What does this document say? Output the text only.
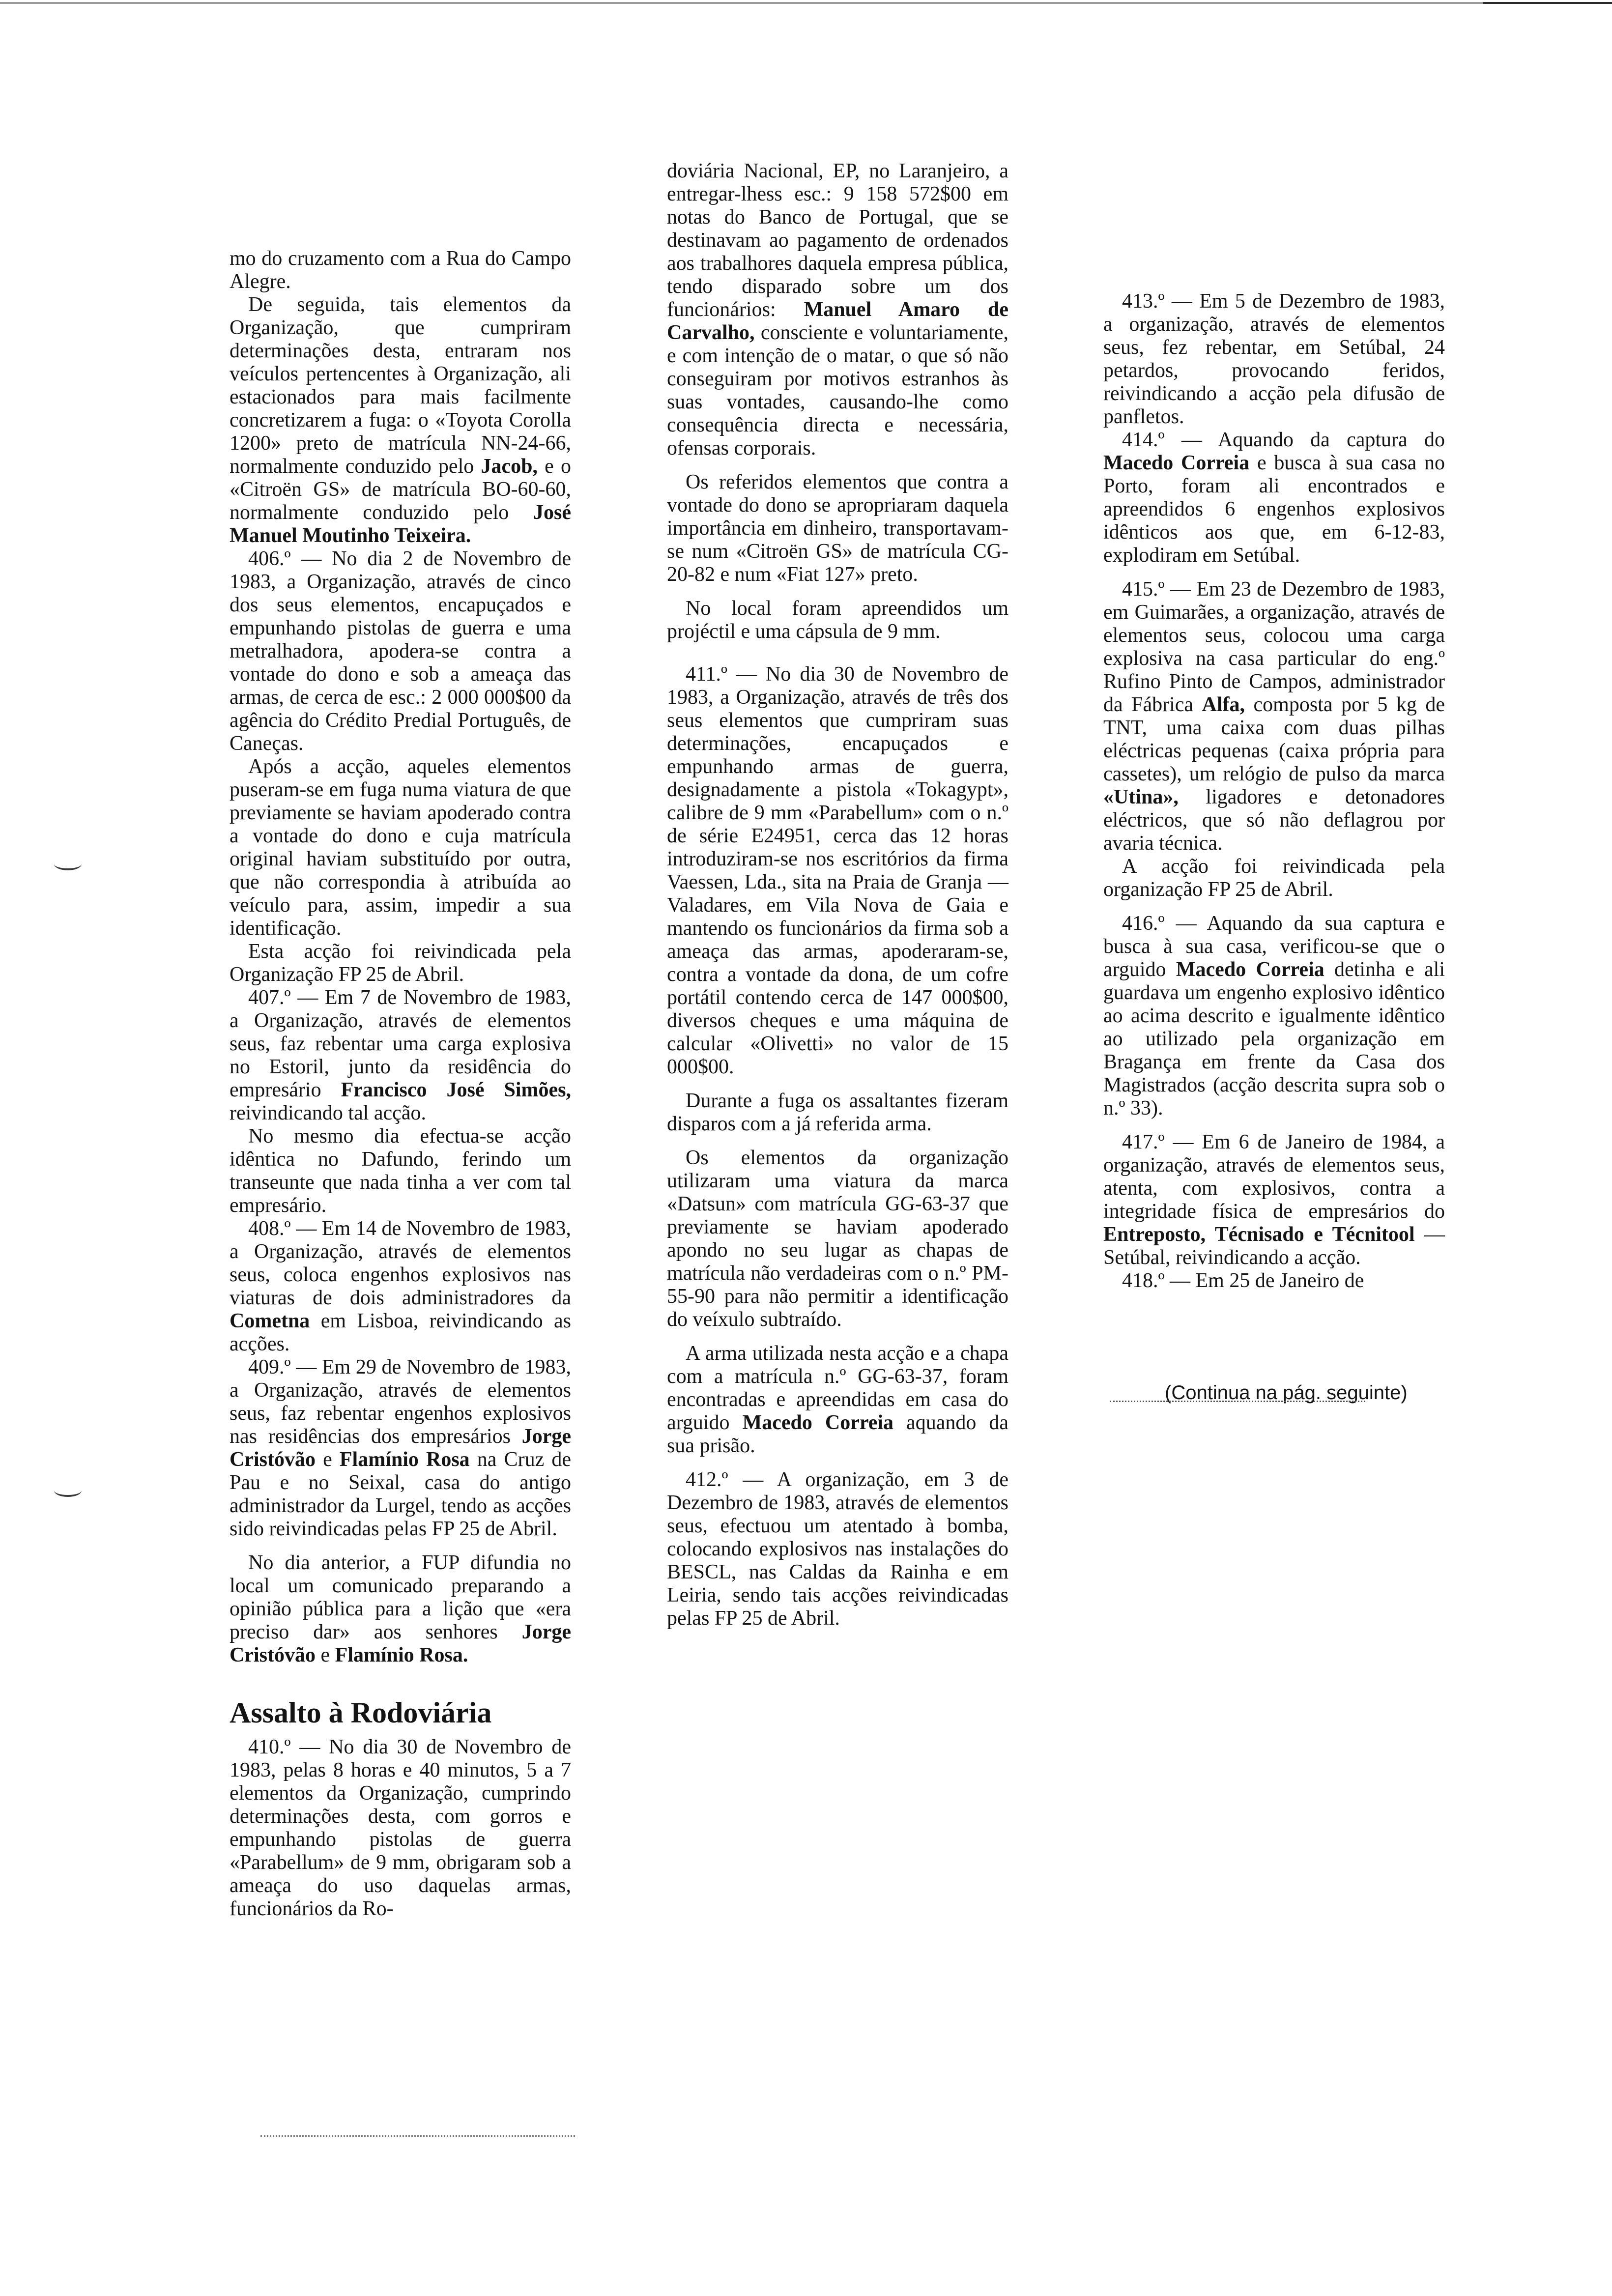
mo do cruzamento com a Rua do Campo Alegre.

De seguida, tais elementos da Organização, que cumpriram determinações desta, entraram nos veículos pertencentes à Organização, ali estacionados para mais facilmente concretizarem a fuga: o «Toyota Corolla 1200» preto de matrícula NN-24-66, normalmente conduzido pelo Jacob, e o «Citroën GS» de matrícula BO-60-60, normalmente conduzido pelo José Manuel Moutinho Teixeira.

406.º — No dia 2 de Novembro de 1983, a Organização, através de cinco dos seus elementos, encapuçados e empunhando pistolas de guerra e uma metralhadora, apodera-se contra a vontade do dono e sob a ameaça das armas, de cerca de esc.: 2 000 000$00 da agência do Crédito Predial Português, de Caneças.

Após a acção, aqueles elementos puseram-se em fuga numa viatura de que previamente se haviam apoderado contra a vontade do dono e cuja matrícula original haviam substituído por outra, que não correspondia à atribuída ao veículo para, assim, impedir a sua identificação.

Esta acção foi reivindicada pela Organização FP 25 de Abril.

407.º — Em 7 de Novembro de 1983, a Organização, através de elementos seus, faz rebentar uma carga explosiva no Estoril, junto da residência do empresário Francisco José Simões, reivindicando tal acção.

No mesmo dia efectua-se acção idêntica no Dafundo, ferindo um transeunte que nada tinha a ver com tal empresário.

408.º — Em 14 de Novembro de 1983, a Organização, através de elementos seus, coloca engenhos explosivos nas viaturas de dois administradores da Cometna em Lisboa, reivindicando as acções.

409.º — Em 29 de Novembro de 1983, a Organização, através de elementos seus, faz rebentar engenhos explosivos nas residências dos empresários Jorge Cristóvão e Flamínio Rosa na Cruz de Pau e no Seixal, casa do antigo administrador da Lurgel, tendo as acções sido reivindicadas pelas FP 25 de Abril.

No dia anterior, a FUP difundia no local um comunicado preparando a opinião pública para a lição que «era preciso dar» aos senhores Jorge Cristóvão e Flamínio Rosa.

Assalto à Rodoviária

410.º — No dia 30 de Novembro de 1983, pelas 8 horas e 40 minutos, 5 a 7 elementos da Organização, cumprindo determinações desta, com gorros e empunhando pistolas de guerra «Parabellum» de 9 mm, obrigaram sob a ameaça do uso daquelas armas, funcionários da Ro-

doviária Nacional, EP, no Laranjeiro, a entregar-lhess esc.: 9 158 572$00 em notas do Banco de Portugal, que se destinavam ao pagamento de ordenados aos trabalhores daquela empresa pública, tendo disparado sobre um dos funcionários: Manuel Amaro de Carvalho, consciente e voluntariamente, e com intenção de o matar, o que só não conseguiram por motivos estranhos às suas vontades, causando-lhe como consequência directa e necessária, ofensas corporais.

Os referidos elementos que contra a vontade do dono se apropriaram daquela importância em dinheiro, transportavam-se num «Citroën GS» de matrícula CG-20-82 e num «Fiat 127» preto.

No local foram apreendidos um projéctil e uma cápsula de 9 mm.

411.º — No dia 30 de Novembro de 1983, a Organização, através de três dos seus elementos que cumpriram suas determinações, encapuçados e empunhando armas de guerra, designadamente a pistola «Tokagypt», calibre de 9 mm «Parabellum» com o n.º de série E24951, cerca das 12 horas introduziram-se nos escritórios da firma Vaessen, Lda., sita na Praia de Granja — Valadares, em Vila Nova de Gaia e mantendo os funcionários da firma sob a ameaça das armas, apoderaram-se, contra a vontade da dona, de um cofre portátil contendo cerca de 147 000$00, diversos cheques e uma máquina de calcular «Olivetti» no valor de 15 000$00.

Durante a fuga os assaltantes fizeram disparos com a já referida arma.

Os elementos da organização utilizaram uma viatura da marca «Datsun» com matrícula GG-63-37 que previamente se haviam apoderado apondo no seu lugar as chapas de matrícula não verdadeiras com o n.º PM-55-90 para não permitir a identificação do veíxulo subtraído.

A arma utilizada nesta acção e a chapa com a matrícula n.º GG-63-37, foram encontradas e apreendidas em casa do arguido Macedo Correia aquando da sua prisão.

412.º — A organização, em 3 de Dezembro de 1983, através de elementos seus, efectuou um atentado à bomba, colocando explosivos nas instalações do BESCL, nas Caldas da Rainha e em Leiria, sendo tais acções reivindicadas pelas FP 25 de Abril.

413.º — Em 5 de Dezembro de 1983, a organização, através de elementos seus, fez rebentar, em Setúbal, 24 petardos, provocando feridos, reivindicando a acção pela difusão de panfletos.

414.º — Aquando da captura do Macedo Correia e busca à sua casa no Porto, foram ali encontrados e apreendidos 6 engenhos explosivos idênticos aos que, em 6-12-83, explodiram em Setúbal.

415.º — Em 23 de Dezembro de 1983, em Guimarães, a organização, através de elementos seus, colocou uma carga explosiva na casa particular do eng.º Rufino Pinto de Campos, administrador da Fábrica Alfa, composta por 5 kg de TNT, uma caixa com duas pilhas eléctricas pequenas (caixa própria para cassetes), um relógio de pulso da marca «Utina», ligadores e detonadores eléctricos, que só não deflagrou por avaria técnica.

A acção foi reivindicada pela organização FP 25 de Abril.

416.º — Aquando da sua captura e busca à sua casa, verificou-se que o arguido Macedo Correia detinha e ali guardava um engenho explosivo idêntico ao acima descrito e igualmente idêntico ao utilizado pela organização em Bragança em frente da Casa dos Magistrados (acção descrita supra sob o n.º 33).

417.º — Em 6 de Janeiro de 1984, a organização, através de elementos seus, atenta, com explosivos, contra a integridade física de empresários do Entreposto, Técnisado e Técnitool — Setúbal, reivindicando a acção.

418.º — Em 25 de Janeiro de

(Continua na pág. seguinte)
